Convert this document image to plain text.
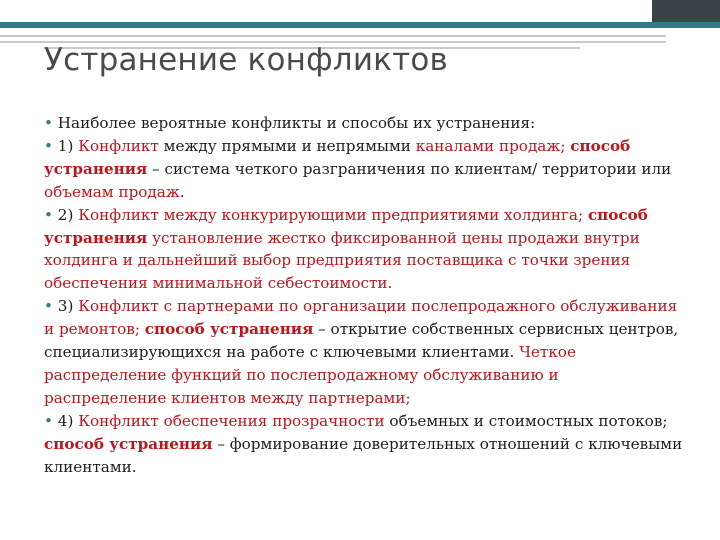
Устранение конфликтов

• Наиболее вероятные конфликты и способы их устранения:

• 1) Конфликт между прямыми и непрямыми каналами продаж; способ устранения – система четкого разграничения по клиентам/ территории или объемам продаж.

• 2) Конфликт между конкурирующими предприятиями холдинга; способ устранения установление жестко фиксированной цены продажи внутри холдинга и дальнейший выбор предприятия поставщика с точки зрения обеспечения минимальной себестоимости.

• 3) Конфликт с партнерами по организации послепродажного обслуживания и ремонтов; способ устранения – открытие собственных сервисных центров, специализирующихся на работе с ключевыми клиентами. Четкое распределение функций по послепродажному обслуживанию и распределение клиентов между партнерами;

• 4) Конфликт обеспечения прозрачности объемных и стоимостных потоков; способ устранения – формирование доверительных отношений с ключевыми клиентами.
